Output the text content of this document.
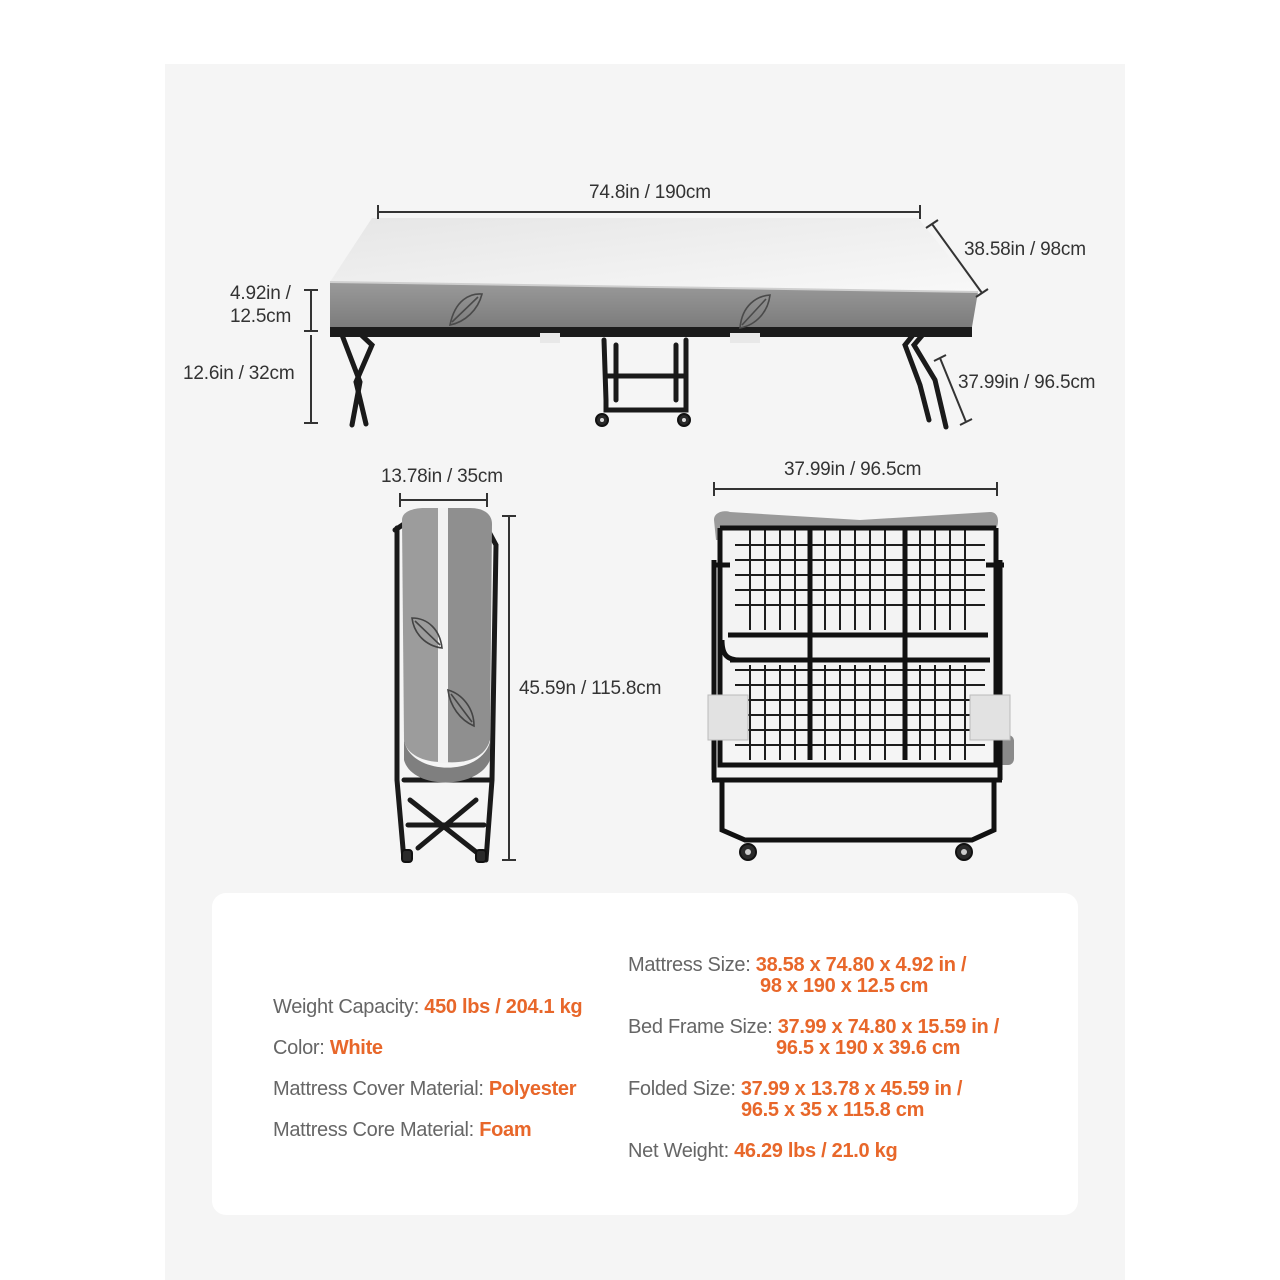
74.8in / 190cm
38.58in / 98cm
4.92in /
12.5cm
12.6in / 32cm	37.99in / 96.5cm
13.78in / 35cm
45.59n / 115.8cm
37.99in / 96.5cm
Weight Capacity: 450 lbs / 204.1 kg
Color: White
Mattress Cover Material: Polyester
Mattress Core Material: Foam
Mattress Size: 38.58 x 74.80 x 4.92 in /
98 x 190 x 12.5 cm
Bed Frame Size: 37.99 x 74.80 x 15.59 in /
96.5 x 190 x 39.6 cm
Folded Size: 37.99 x 13.78 x 45.59 in /
96.5 x 35 x 115.8 cm
Net Weight: 46.29 lbs / 21.0 kg
